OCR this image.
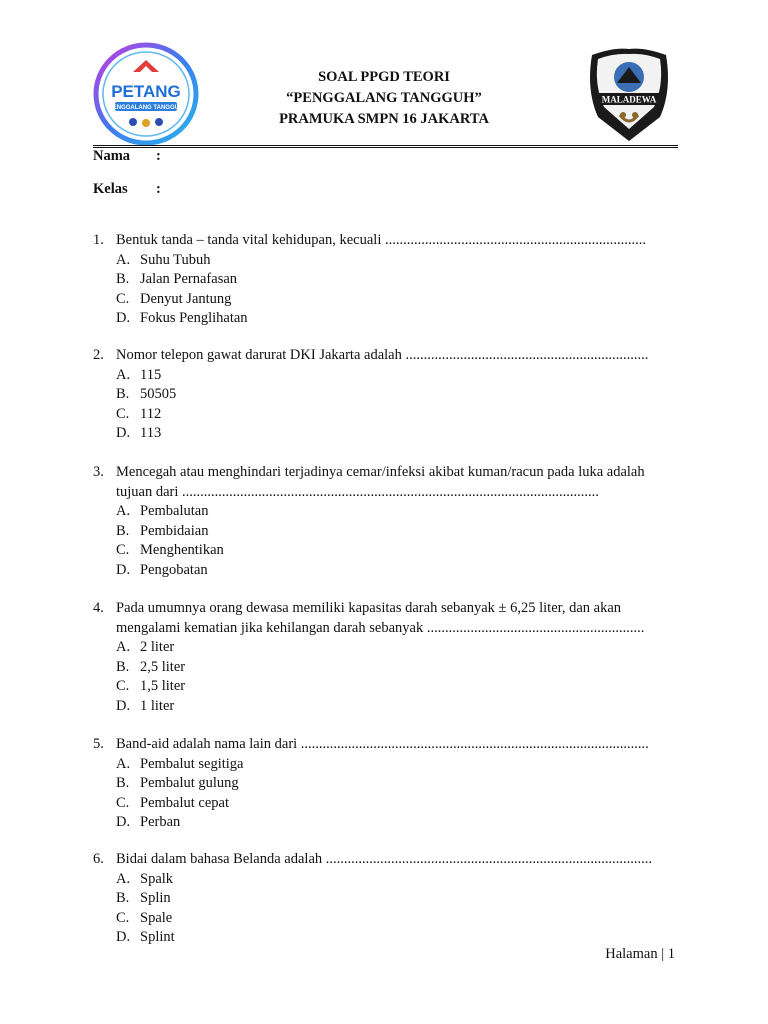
PETANG
PENGGALANG TANGGUH
SOAL PPGD TEORI
“PENGGALANG TANGGUH”
PRAMUKA SMPN 16 JAKARTA
MALADEWA
Nama :
Kelas :
1. Bentuk tanda – tanda vital kehidupan, kecuali ........................................................................
A. Suhu Tubuh
B. Jalan Pernafasan
C. Denyut Jantung
D. Fokus Penglihatan
2. Nomor telepon gawat darurat DKI Jakarta adalah ...................................................................
A. 115
B. 50505
C. 112
D. 113
3. Mencegah atau menghindari terjadinya cemar/infeksi akibat kuman/racun pada luka adalah
tujuan dari ...................................................................................................................
A. Pembalutan
B. Pembidaian
C. Menghentikan
D. Pengobatan
4. Pada umumnya orang dewasa memiliki kapasitas darah sebanyak ± 6,25 liter, dan akan
mengalami kematian jika kehilangan darah sebanyak ............................................................
A. 2 liter
B. 2,5 liter
C. 1,5 liter
D. 1 liter
5. Band-aid adalah nama lain dari ................................................................................................
A. Pembalut segitiga
B. Pembalut gulung
C. Pembalut cepat
D. Perban
6. Bidai dalam bahasa Belanda adalah ..........................................................................................
A. Spalk
B. Splin
C. Spale
D. Splint
Halaman | 1
